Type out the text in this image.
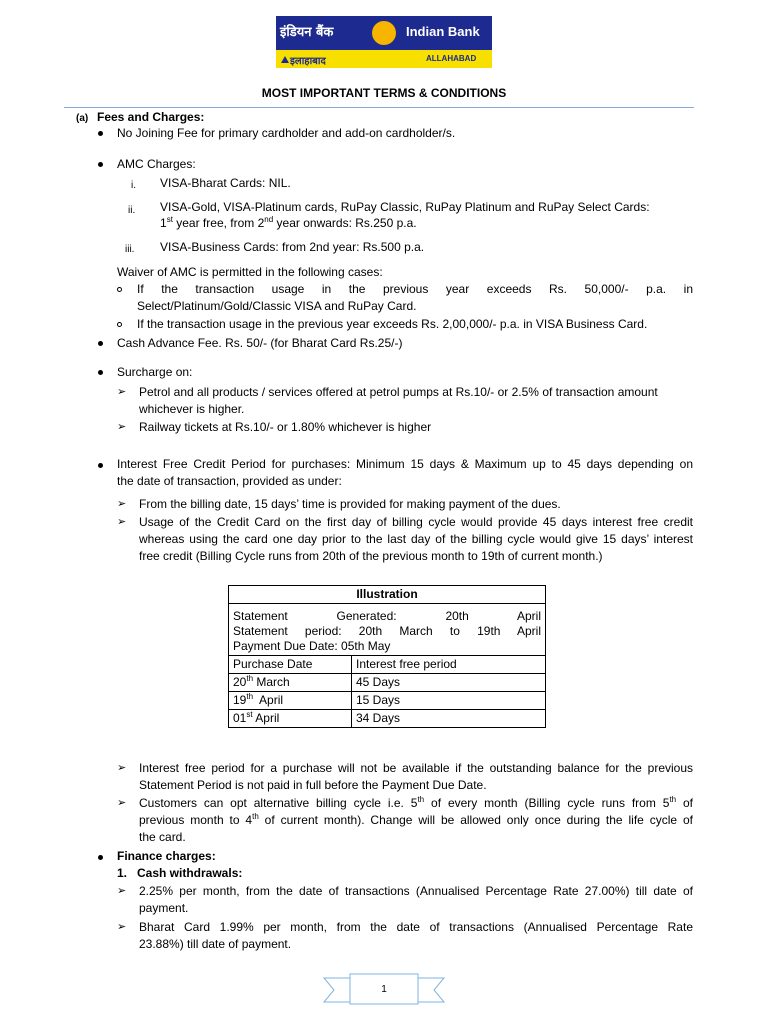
इंडियन बैंक	Indian Bank
इलाहाबाद	ALLAHABAD
MOST IMPORTANT TERMS & CONDITIONS
(a) Fees and Charges:
No Joining Fee for primary cardholder and add-on cardholder/s.
AMC Charges:
i. VISA-Bharat Cards: NIL.
ii. VISA-Gold, VISA-Platinum cards, RuPay Classic, RuPay Platinum and RuPay Select Cards:
1st year free, from 2nd year onwards: Rs.250 p.a.
iii. VISA-Business Cards: from 2nd year: Rs.500 p.a.
Waiver of AMC is permitted in the following cases:
If the transaction usage in the previous year exceeds Rs. 50,000/- p.a. in
Select/Platinum/Gold/Classic VISA and RuPay Card.
If the transaction usage in the previous year exceeds Rs. 2,00,000/- p.a. in VISA Business Card.
Cash Advance Fee. Rs. 50/- (for Bharat Card Rs.25/-)
Surcharge on:
➢ Petrol and all products / services offered at petrol pumps at Rs.10/- or 2.5% of transaction amount
whichever is higher.
➢ Railway tickets at Rs.10/- or 1.80% whichever is higher
Interest Free Credit Period for purchases: Minimum 15 days & Maximum up to 45 days depending on
the date of transaction, provided as under:
➢ From the billing date, 15 days’ time is provided for making payment of the dues.
➢ Usage of the Credit Card on the first day of billing cycle would provide 45 days interest free credit
whereas using the card one day prior to the last day of the billing cycle would give 15 days’ interest
free credit (Billing Cycle runs from 20th of the previous month to 19th of current month.)
Illustration	

Statement Generated: 20th April
Statement period: 20th March to 19th April
Payment Due Date: 05th May	

Purchase Date	Interest free period
20th March	45 Days
19th  April	15 Days
01st April	34 Days
➢ Interest free period for a purchase will not be available if the outstanding balance for the previous
Statement Period is not paid in full before the Payment Due Date.
➢ Customers can opt alternative billing cycle i.e. 5th of every month (Billing cycle runs from 5th of
previous month to 4th of current month). Change will be allowed only once during the life cycle of
the card.
Finance charges:
1. Cash withdrawals:
➢ 2.25% per month, from the date of transactions (Annualised Percentage Rate 27.00%) till date of
payment.
➢ Bharat Card 1.99% per month, from the date of transactions (Annualised Percentage Rate
23.88%) till date of payment.
1
